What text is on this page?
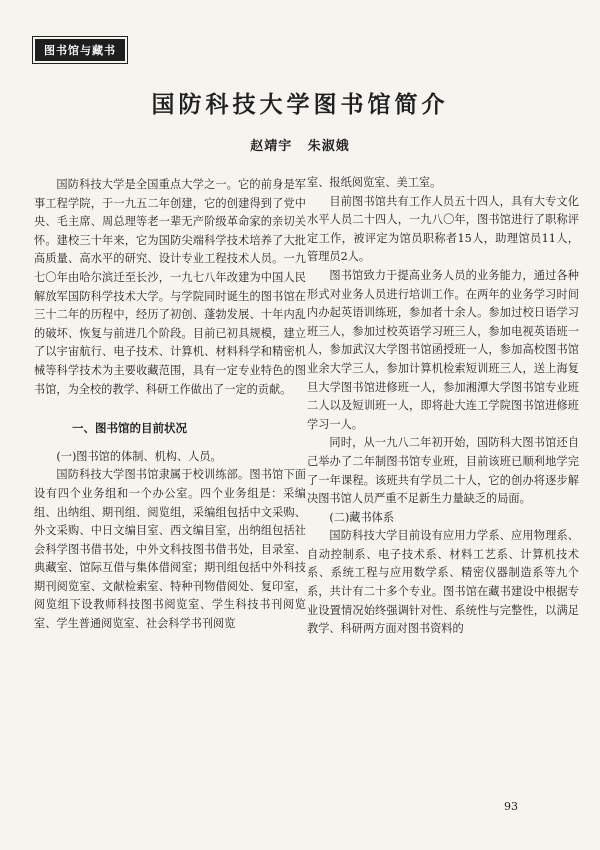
图书馆与藏书
国防科技大学图书馆简介
赵靖宇 朱淑娥

国防科技大学是全国重点大学之一。它的前身是军事工程学院，于一九五二年创建，它的创建得到了党中央、毛主席、周总理等老一辈无产阶级革命家的亲切关怀。建校三十年来，它为国防尖端科学技术培养了大批高质量、高水平的研究、设计专业工程技术人员。一九七〇年由哈尔滨迁至长沙，一九七八年改建为中国人民解放军国防科学技术大学。与学院同时诞生的图书馆在三十二年的历程中，经历了初创、蓬勃发展、十年内乱的破坏、恢复与前进几个阶段。目前已初具规模，建立了以宇宙航行、电子技术、计算机、材料科学和精密机械等科学技术为主要收藏范围，具有一定专业特色的图书馆，为全校的教学、科研工作做出了一定的贡献。

一、图书馆的目前状况

(一)图书馆的体制、机构、人员。

国防科技大学图书馆隶属于校训练部。图书馆下面设有四个业务组和一个办公室。四个业务组是：采编组、出纳组、期刊组、阅览组，采编组包括中文采购、外文采购、中日文编目室、西文编目室，出纳组包括社会科学图书借书处，中外文科技图书借书处，目录室、典藏室、馆际互借与集体借阅室；期刊组包括中外科技期刊阅览室、文献检索室、特种刊物借阅处、复印室，阅览组下设教师科技图书阅览室、学生科技书刊阅览室、学生普通阅览室、社会科学书刊阅览

室、报纸阅览室、美工室。

目前图书馆共有工作人员五十四人，具有大专文化水平人员二十四人，一九八〇年，图书馆进行了职称评定工作，被评定为馆员职称者15人，助理馆员11人，管理员2人。

图书馆致力于提高业务人员的业务能力，通过各种形式对业务人员进行培训工作。在两年的业务学习时间内办起英语训练班，参加者十余人。参加过校日语学习班三人，参加过校英语学习班三人，参加电视英语班一人，参加武汉大学图书馆函授班一人，参加高校图书馆业余大学三人，参加计算机检索短训班三人，送上海复旦大学图书馆进修班一人，参加湘潭大学图书馆专业班二人以及短训班一人，即将赴大连工学院图书馆进修班学习一人。

同时，从一九八二年初开始，国防科大图书馆还自己举办了二年制图书馆专业班，目前该班已顺利地学完了一年课程。该班共有学员二十人，它的创办将逐步解决图书馆人员严重不足新生力量缺乏的局面。

(二)藏书体系

国防科技大学目前设有应用力学系、应用物理系、自动控制系、电子技术系、材料工艺系、计算机技术系、系统工程与应用数学系、精密仪器制造系等九个系，共计有二十多个专业。图书馆在藏书建设中根据专业设置情况始终强调针对性、系统性与完整性，以满足教学、科研两方面对图书资料的

93
